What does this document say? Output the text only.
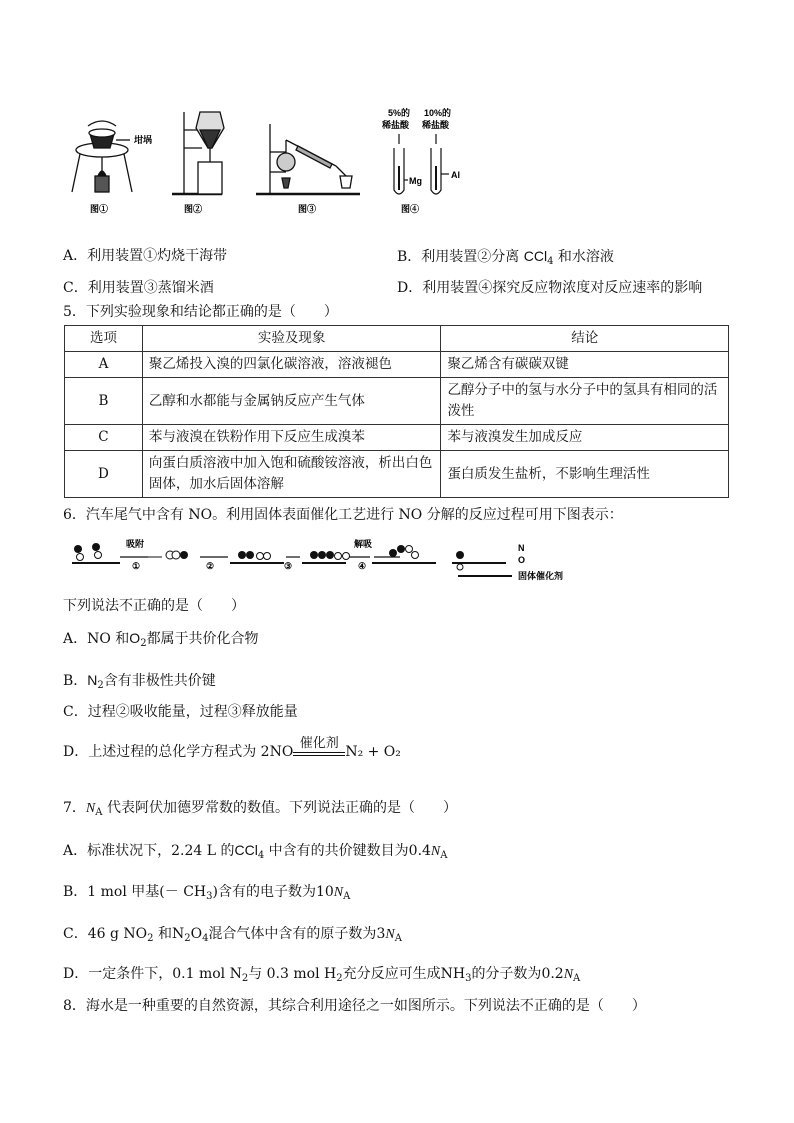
坩埚
图①	图②	图③
5%的
稀盐酸
10%的
稀盐酸
Mg
Al
图④
A．利用装置①灼烧干海带	B．利用装置②分离 CCl$_4$ 和水溶液
C．利用装置③蒸馏米酒	D．利用装置④探究反应物浓度对反应速率的影响
5．下列实验现象和结论都正确的是（　　）
选项	实验及现象	结论
A	聚乙烯投入溴的四氯化碳溶液，溶液褪色	聚乙烯含有碳碳双键
B	乙醇和水都能与金属钠反应产生气体	乙醇分子中的氢与水分子中的氢具有相同的活泼性
C	苯与液溴在铁粉作用下反应生成溴苯	苯与液溴发生加成反应
D	向蛋白质溶液中加入饱和硫酸铵溶液，析出白色固体，加水后固体溶解	蛋白质发生盐析，不影响生理活性
6．汽车尾气中含有 NO。利用固体表面催化工艺进行 NO 分解的反应过程可用下图表示：
吸附
①	②	③
解吸
④
N
O
固体催化剂
下列说法不正确的是（　　）
A．NO 和$O_2$都属于共价化合物
B．$N_2$含有非极性共价键
C．过程②吸收能量，过程③释放能量
D．上述过程的总化学方程式为 2NO
催化剂
N₂ + O₂
7．$N_A$ 代表阿伏加德罗常数的数值。下列说法正确的是（　　）
A．标准状况下，2.24 L 的CCl$_4$ 中含有的共价键数目为$0.4N_A$
B．1 mol 甲基(－ $CH_3$)含有的电子数为$10N_A$
C．46 g $NO_2$ 和$N_2O_4$混合气体中含有的原子数为$3N_A$
D．一定条件下，0.1 mol $N_2$与 0.3 mol $H_2$充分反应可生成$NH_3$的分子数为$0.2N_A$
8．海水是一种重要的自然资源，其综合利用途径之一如图所示。下列说法不正确的是（　　）
